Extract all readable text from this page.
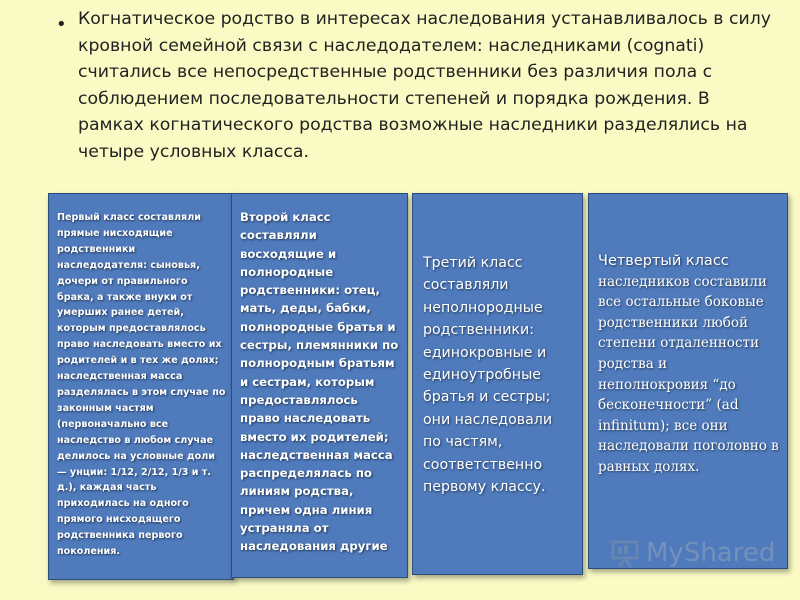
• Когнатическое родство в интересах наследования устанавливалось в силу кровной семейной связи с наследодателем: наследниками (cognati) считались все непосредственные родственники без различия пола с соблюдением последовательности степеней и порядка рождения. В рамках когнатического родства возможные наследники разделялись на четыре условных класса.

Первый класс составляли прямые нисходящие родственники наследодателя: сыновья, дочери от правильного брака, а также внуки от умерших ранее детей, которым предоставлялось право наследовать вместо их родителей и в тех же долях; наследственная масса разделялась в этом случае по законным частям (первоначально все наследство в любом случае делилось на условные доли — унции: 1/12, 2/12, 1/3 и т. д.), каждая часть приходилась на одного прямого нисходящего родственника первого поколения.

Второй класс составляли восходящие и полнородные родственники: отец, мать, деды, бабки, полнородные братья и сестры, племянники по полнородным братьям и сестрам, которым предоставлялось право наследовать вместо их родителей; наследственная масса распределялась по линиям родства, причем одна линия устраняла от наследования другие

Третий класс составляли неполнородные родственники: единокровные и единоутробные братья и сестры; они наследовали по частям, соответственно первому классу.

Четвертый класс наследников составили все остальные боковые родственники любой степени отдаленности родства и неполнокровия “до бесконечности” (ad infinitum); все они наследовали поголовно в равных долях.

MyShared
